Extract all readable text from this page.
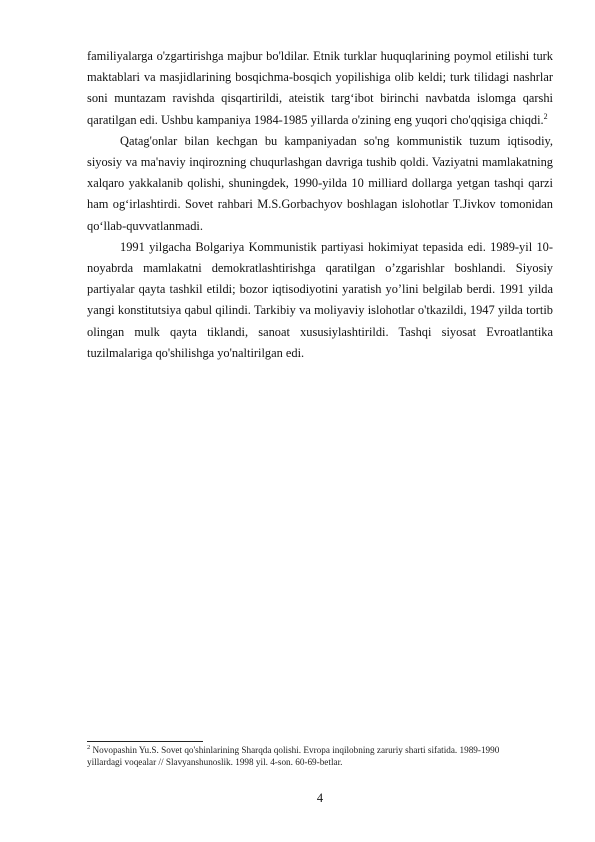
familiyalarga o'zgartirishga majbur bo'ldilar. Etnik turklar huquqlarining poymol etilishi turk maktablari va masjidlarining bosqichma-bosqich yopilishiga olib keldi; turk tilidagi nashrlar soni muntazam ravishda qisqartirildi, ateistik targ‘ibot birinchi navbatda islomga qarshi qaratilgan edi. Ushbu kampaniya 1984-1985 yillarda o'zining eng yuqori cho'qqisiga chiqdi.$^2$

Qatag'onlar bilan kechgan bu kampaniyadan so'ng kommunistik tuzum iqtisodiy, siyosiy va ma'naviy inqirozning chuqurlashgan davriga tushib qoldi. Vaziyatni mamlakatning xalqaro yakkalanib qolishi, shuningdek, 1990-yilda 10 milliard dollarga yetgan tashqi qarzi ham og‘irlashtirdi. Sovet rahbari M.S.Gorbachyov boshlagan islohotlar T.Jivkov tomonidan qo‘llab-quvvatlanmadi.

1991 yilgacha Bolgariya Kommunistik partiyasi hokimiyat tepasida edi. 1989-yil 10-noyabrda mamlakatni demokratlashtirishga qaratilgan o’zgarishlar boshlandi. Siyosiy partiyalar qayta tashkil etildi; bozor iqtisodiyotini yaratish yo’lini belgilab berdi. 1991 yilda yangi konstitutsiya qabul qilindi. Tarkibiy va moliyaviy islohotlar o'tkazildi, 1947 yilda tortib olingan mulk qayta tiklandi, sanoat xususiylashtirildi. Tashqi siyosat Evroatlantika tuzilmalariga qo'shilishga yo'naltirilgan edi.

$^2$ Novopashin Yu.S. Sovet qo'shinlarining Sharqda qolishi. Evropa inqilobning zaruriy sharti sifatida. 1989-1990 yillardagi voqealar // Slavyanshunoslik. 1998 yil. 4-son. 60-69-betlar.
4
